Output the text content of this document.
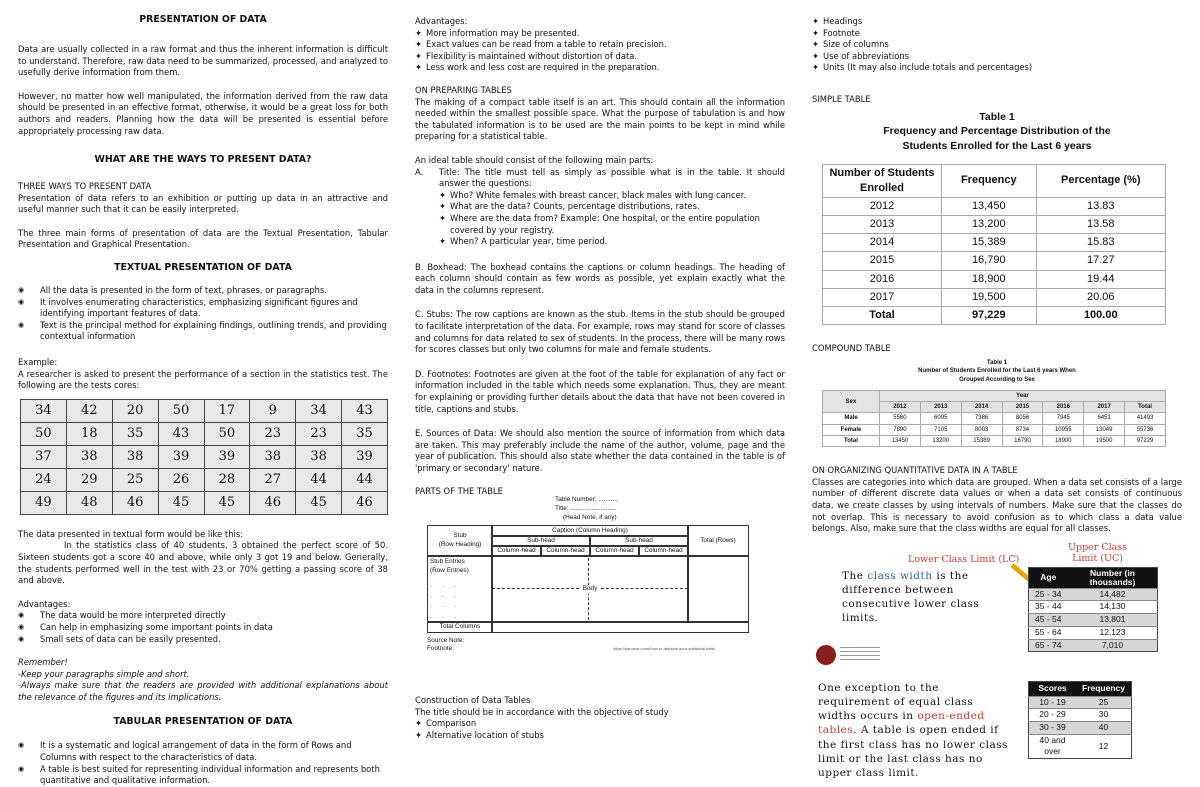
PRESENTATION OF DATA

Data are usually collected in a raw format and thus the inherent information is difficult to understand. Therefore, raw data need to be summarized, processed, and analyzed to usefully derive information from them.

However, no matter how well manipulated, the information derived from the raw data should be presented in an effective format, otherwise, it would be a great loss for both authors and readers. Planning how the data will be presented is essential before appropriately processing raw data.

WHAT ARE THE WAYS TO PRESENT DATA?

THREE WAYS TO PRESENT DATA

Presentation of data refers to an exhibition or putting up data in an attractive and useful manner such that it can be easily interpreted.

The three main forms of presentation of data are the Textual Presentation, Tabular Presentation and Graphical Presentation.

TEXTUAL PRESENTATION OF DATA

◉ All the data is presented in the form of text, phrases, or paragraphs.
◉ It involves enumerating characteristics, emphasizing significant figures and identifying important features of data.
◉ Text is the principal method for explaining findings, outlining trends, and providing contextual information

Example:

A researcher is asked to present the performance of a section in the statistics test. The following are the tests cores:

34	42	20	50	17	9	34	43
50	18	35	43	50	23	23	35
37	38	38	39	39	38	38	39
24	29	25	26	28	27	44	44
49	48	46	45	45	46	45	46

The data presented in textual form would be like this:

In the statistics class of 40 students, 3 obtained the perfect score of 50. Sixteen students got a score 40 and above, while only 3 got 19 and below. Generally, the students performed well in the test with 23 or 70% getting a passing score of 38 and above.

Advantages:

◉ The data would be more interpreted directly
◉ Can help in emphasizing some important points in data
◉ Small sets of data can be easily presented.

Remember!

-Keep your paragraphs simple and short.

-Always make sure that the readers are provided with additional explanations about the relevance of the figures and its implications.

TABULAR PRESENTATION OF DATA

◉ It is a systematic and logical arrangement of data in the form of Rows and Columns with respect to the characteristics of data.
◉ A table is best suited for representing individual information and represents both quantitative and qualitative information.

Advantages:

✦ More information may be presented.
✦ Exact values can be read from a table to retain precision.
✦ Flexibility is maintained without distortion of data.
✦ Less work and less cost are required in the preparation.

ON PREPARING TABLES

The making of a compact table itself is an art. This should contain all the information needed within the smallest possible space. What the purpose of tabulation is and how the tabulated information is to be used are the main points to be kept in mind while preparing for a statistical table.

An ideal table should consist of the following main parts:

A.	Title: The title must tell as simply as possible what is in the table. It should answer the questions:

✦ Who? White females with breast cancer, black males with lung cancer.
✦ What are the data? Counts, percentage distributions, rates.
✦ Where are the data from? Example: One hospital, or the entire population covered by your registry.
✦ When? A particular year, time period.

B. Boxhead: The boxhead contains the captions or column headings. The heading of each column should contain as few words as possible, yet explain exactly what the data in the columns represent.

C. Stubs: The row captions are known as the stub. Items in the stub should be grouped to facilitate interpretation of the data. For example, rows may stand for score of classes and columns for data related to sex of students. In the process, there will be many rows for scores classes but only two columns for male and female students.

D. Footnotes: Footnotes are given at the foot of the table for explanation of any fact or information included in the table which needs some explanation. Thus, they are meant for explaining or providing further details about the data that have not been covered in title, captions and stubs.

E. Sources of Data: We should also mention the source of information from which data are taken. This may preferably include the name of the author, volume, page and the year of publication. This should also state whether the data contained in the table is of 'primary or secondary' nature.

PARTS OF THE TABLE

Table Number: ...........
Title: ..........................
(Head Note, if any)
Stub
(Row Heading)
Caption (Column Heading)
Sub-head	Sub-head
Column-head	Column-head	Column-head	Column-head
Total (Rows)
Stub Entries
(Row Entries)
· · ·
· · ·
· · ·
· · ·
Body
Total Columns
Source Note:
Footnote:	https://yaruman.com/how-to-tabulate-your-statistical-data/

Construction of Data Tables

The title should be in accordance with the objective of study

✦ Comparison
✦ Alternative location of stubs
✦ Headings
✦ Footnote
✦ Size of columns
✦ Use of abbreviations
✦ Units (It may also include totals and percentages)

SIMPLE TABLE

Table 1
Frequency and Percentage Distribution of the
Students Enrolled for the Last 6 years
Number of Students Enrolled	Frequency	Percentage (%)
2012	13,450	13.83
2013	13,200	13.58
2014	15,389	15.83
2015	16,790	17.27
2016	18,900	19.44
2017	19,500	20.06
Total	97,229	100.00

COMPOUND TABLE

Table 1
Number of Students Enrolled for the Last 6 years When
Grouped According to Sex
Sex	Year						
	2012	2013	2014	2015	2016	2017	Total
Male	5560	6095	7386	8056	7945	6451	41493
Female	7890	7105	8003	8734	10955	13049	55736
Total	13450	13200	15389	16790	18900	19500	97229

ON ORGANIZING QUANTITATIVE DATA IN A TABLE

Classes are categories into which data are grouped. When a data set consists of a large number of different discrete data values or when a data set consists of continuous data, we create classes by using intervals of numbers. Make sure that the classes do not overlap. This is necessary to avoid confusion as to which class a data value belongs. Also, make sure that the class widths are equal for all classes.

Lower Class Limit (LC)
Upper Class
Limit (UC)

The class width is the difference between consecutive lower class limits.

Age	Number (in thousands)
25 - 34	14,482
35 - 44	14,130
45 - 54	13,801
55 - 64	12,123
65 - 74	7,010

One exception to the requirement of equal class widths occurs in open-ended tables. A table is open ended if the first class has no lower class limit or the last class has no upper class limit.

Scores	Frequency
10 - 19	25
20 - 29	30
30 - 39	40
40 and over	12
